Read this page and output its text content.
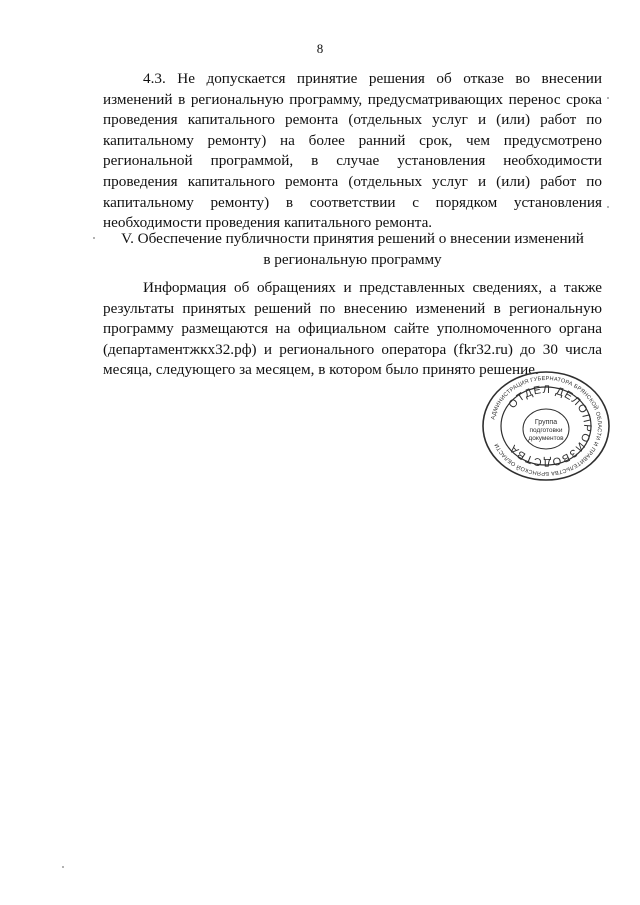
8

4.3. Не допускается принятие решения об отказе во внесении изменений в региональную программу, предусматривающих перенос срока проведения капитального ремонта (отдельных услуг и (или) работ по капитальному ремонту) на более ранний срок, чем предусмотрено региональной программой, в случае установления необходимости проведения капитального ремонта (отдельных услуг и (или) работ по капитальному ремонту) в соответствии с порядком установления необходимости проведения капитального ремонта.

V. Обеспечение публичности принятия решений о внесении изменений
в региональную программу

Информация об обращениях и представленных сведениях, а также результаты принятых решений по внесению изменений в региональную программу размещаются на официальном сайте уполномоченного органа (департаментжкх32.рф) и регионального оператора (fkr32.ru) до 30 числа месяца, следующего за месяцем, в котором было принято решение.

АДМИНИСТРАЦИЯ ГУБЕРНАТОРА БРЯНСКОЙ ОБЛАСТИ И ПРАВИТЕЛЬСТВА БРЯНСКОЙ ОБЛАСТИ
ОТДЕЛ ДЕЛОПРОИЗВОДСТВА
Группа
подготовки
документов
